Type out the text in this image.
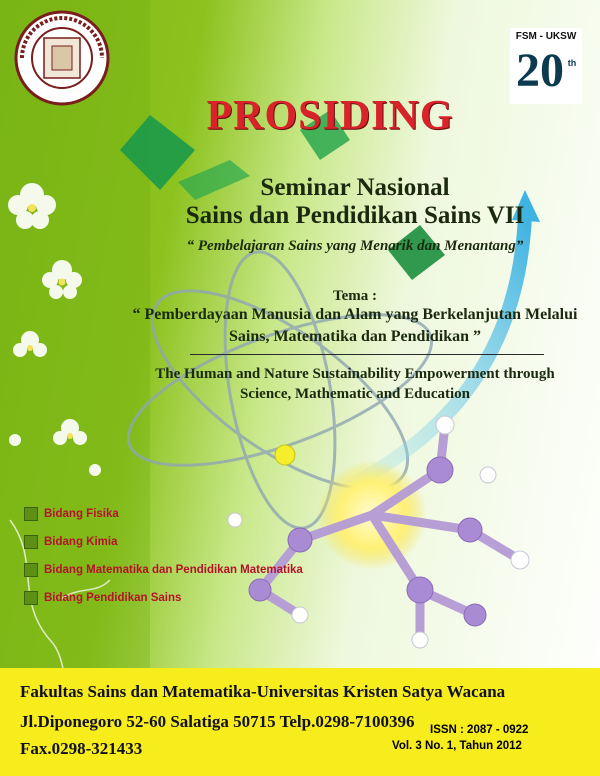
FSM - UKSW
20 th
PROSIDING
Seminar Nasional
Sains dan Pendidikan Sains VII
“ Pembelajaran Sains yang Menarik dan Menantang”
Tema :
“ Pemberdayaan Manusia dan Alam yang Berkelanjutan Melalui
Sains, Matematika dan Pendidikan ”
The Human and Nature Sustainability Empowerment through
Science, Mathematic and Education
Bidang Fisika
Bidang Kimia
Bidang Matematika dan Pendidikan Matematika
Bidang Pendidikan Sains
Fakultas Sains dan Matematika-Universitas Kristen Satya Wacana
Jl.Diponegoro 52-60 Salatiga 50715 Telp.0298-7100396
Fax.0298-321433
ISSN : 2087 - 0922
Vol. 3 No. 1, Tahun 2012
